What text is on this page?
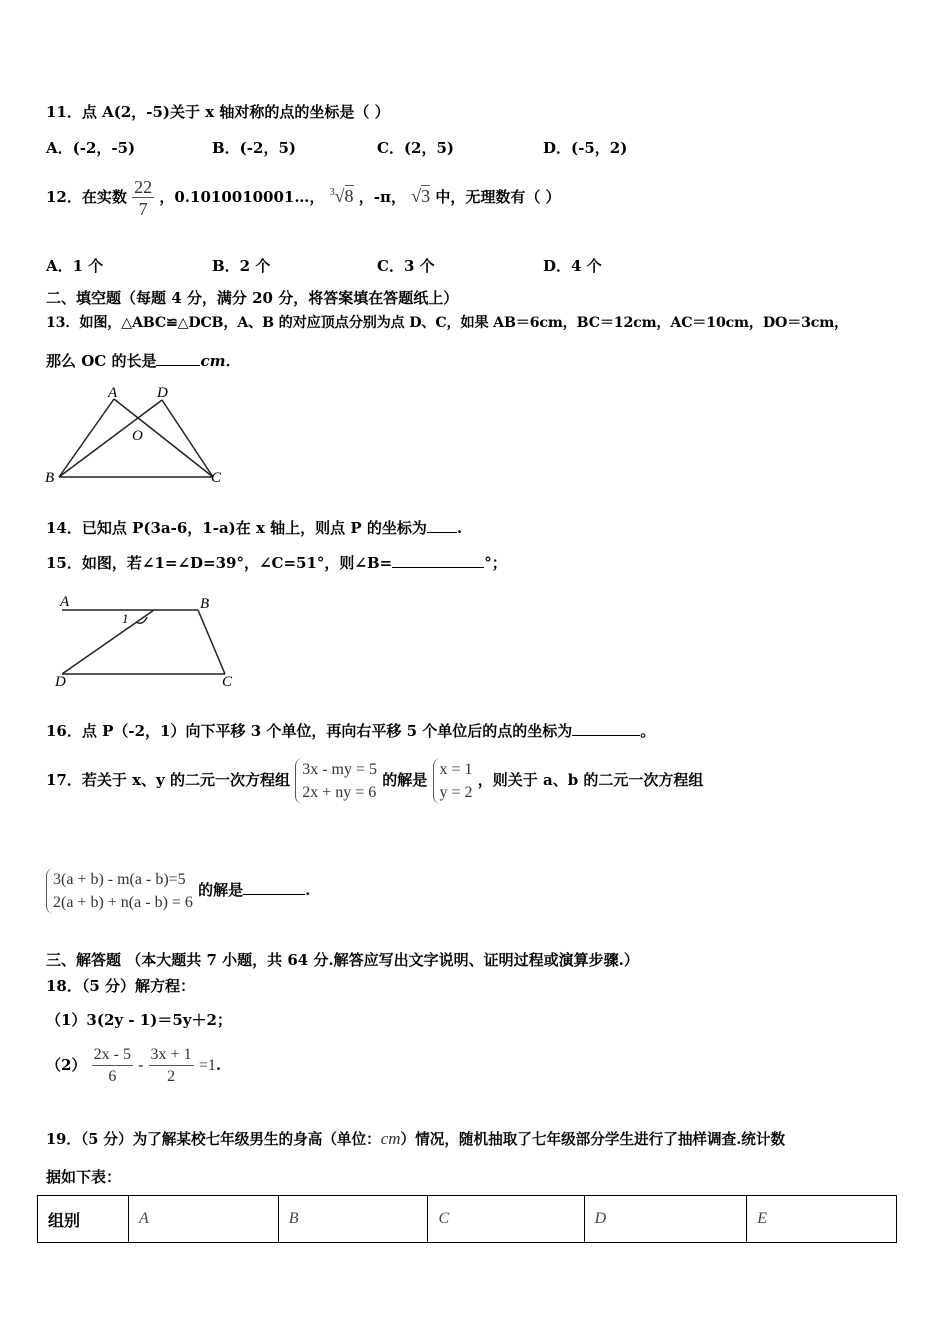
11．点 A(2，-5)关于 x 轴对称的点的坐标是（ ）
A．(-2，-5)	B．(-2，5)	C．(2，5)	D．(-5，2)
12．在实数 $\frac{22}{7}$ ，0.1010010001…， $^3$√8 ，-π， √3 中，无理数有（ ）
A．1 个	B．2 个	C．3 个	D．4 个
二、填空题（每题 4 分，满分 20 分，将答案填在答题纸上）
13．如图，△ABC≌△DCB，A、B 的对应顶点分别为点 D、C，如果 AB＝6cm，BC＝12cm，AC＝10cm，DO＝3cm，
那么 OC 的长是	cm．
A	D
O
B	C
14．已知点 P(3a-6，1-a)在 x 轴上，则点 P 的坐标为 .
15．如图，若∠1=∠D=39°，∠C=51°，则∠B=	°；
A	B
1
D	C
16．点 P（-2，1）向下平移 3 个单位，再向右平移 5 个单位后的点的坐标为	。
17．若关于 x、y 的二元一次方程组
3x - my = 5
2x + ny = 6
的解是
x = 1
y = 2
，则关于 a、b 的二元一次方程组
3(a + b) - m(a - b)=5
2(a + b) + n(a - b) = 6
的解是	.
三、解答题 （本大题共 7 小题，共 64 分.解答应写出文字说明、证明过程或演算步骤.）
18．（5 分）解方程：
（1）3(2y - 1)＝5y＋2；
$(2) \frac{2x - 5}{6} - \frac{3x + 1}{2} =1$.
19．（5 分）为了解某校七年级男生的身高（单位：cm）情况，随机抽取了七年级部分学生进行了抽样调查.统计数
据如下表：
组别	A	B	C	D	E
